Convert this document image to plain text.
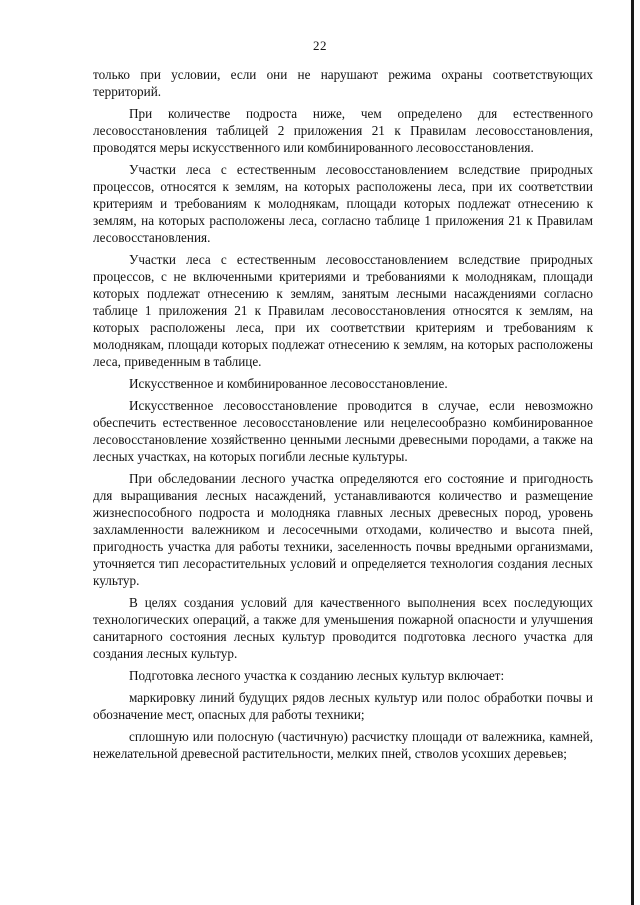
22

только при условии, если они не нарушают режима охраны соответствующих территорий.

При количестве подроста ниже, чем определено для естественного лесовосстановления таблицей 2 приложения 21 к Правилам лесовосстановления, проводятся меры искусственного или комбинированного лесовосстановления.

Участки леса с естественным лесовосстановлением вследствие природных процессов, относятся к землям, на которых расположены леса, при их соответствии критериям и требованиям к молоднякам, площади которых подлежат отнесению к землям, на которых расположены леса, согласно таблице 1 приложения 21 к Правилам лесовосстановления.

Участки леса с естественным лесовосстановлением вследствие природных процессов, с не включенными критериями и требованиями к молоднякам, площади которых подлежат отнесению к землям, занятым лесными насаждениями согласно таблице 1 приложения 21 к Правилам лесовосстановления относятся к землям, на которых расположены леса, при их соответствии критериям и требованиям к молоднякам, площади которых подлежат отнесению к землям, на которых расположены леса, приведенным в таблице.

Искусственное и комбинированное лесовосстановление.

Искусственное лесовосстановление проводится в случае, если невозможно обеспечить естественное лесовосстановление или нецелесообразно комбинированное лесовосстановление хозяйственно ценными лесными древесными породами, а также на лесных участках, на которых погибли лесные культуры.

При обследовании лесного участка определяются его состояние и пригодность для выращивания лесных насаждений, устанавливаются количество и размещение жизнеспособного подроста и молодняка главных лесных древесных пород, уровень захламленности валежником и лесосечными отходами, количество и высота пней, пригодность участка для работы техники, заселенность почвы вредными организмами, уточняется тип лесорастительных условий и определяется технология создания лесных культур.

В целях создания условий для качественного выполнения всех последующих технологических операций, а также для уменьшения пожарной опасности и улучшения санитарного состояния лесных культур проводится подготовка лесного участка для создания лесных культур.

Подготовка лесного участка к созданию лесных культур включает:

маркировку линий будущих рядов лесных культур или полос обработки почвы и обозначение мест, опасных для работы техники;

сплошную или полосную (частичную) расчистку площади от валежника, камней, нежелательной древесной растительности, мелких пней, стволов усохших деревьев;
